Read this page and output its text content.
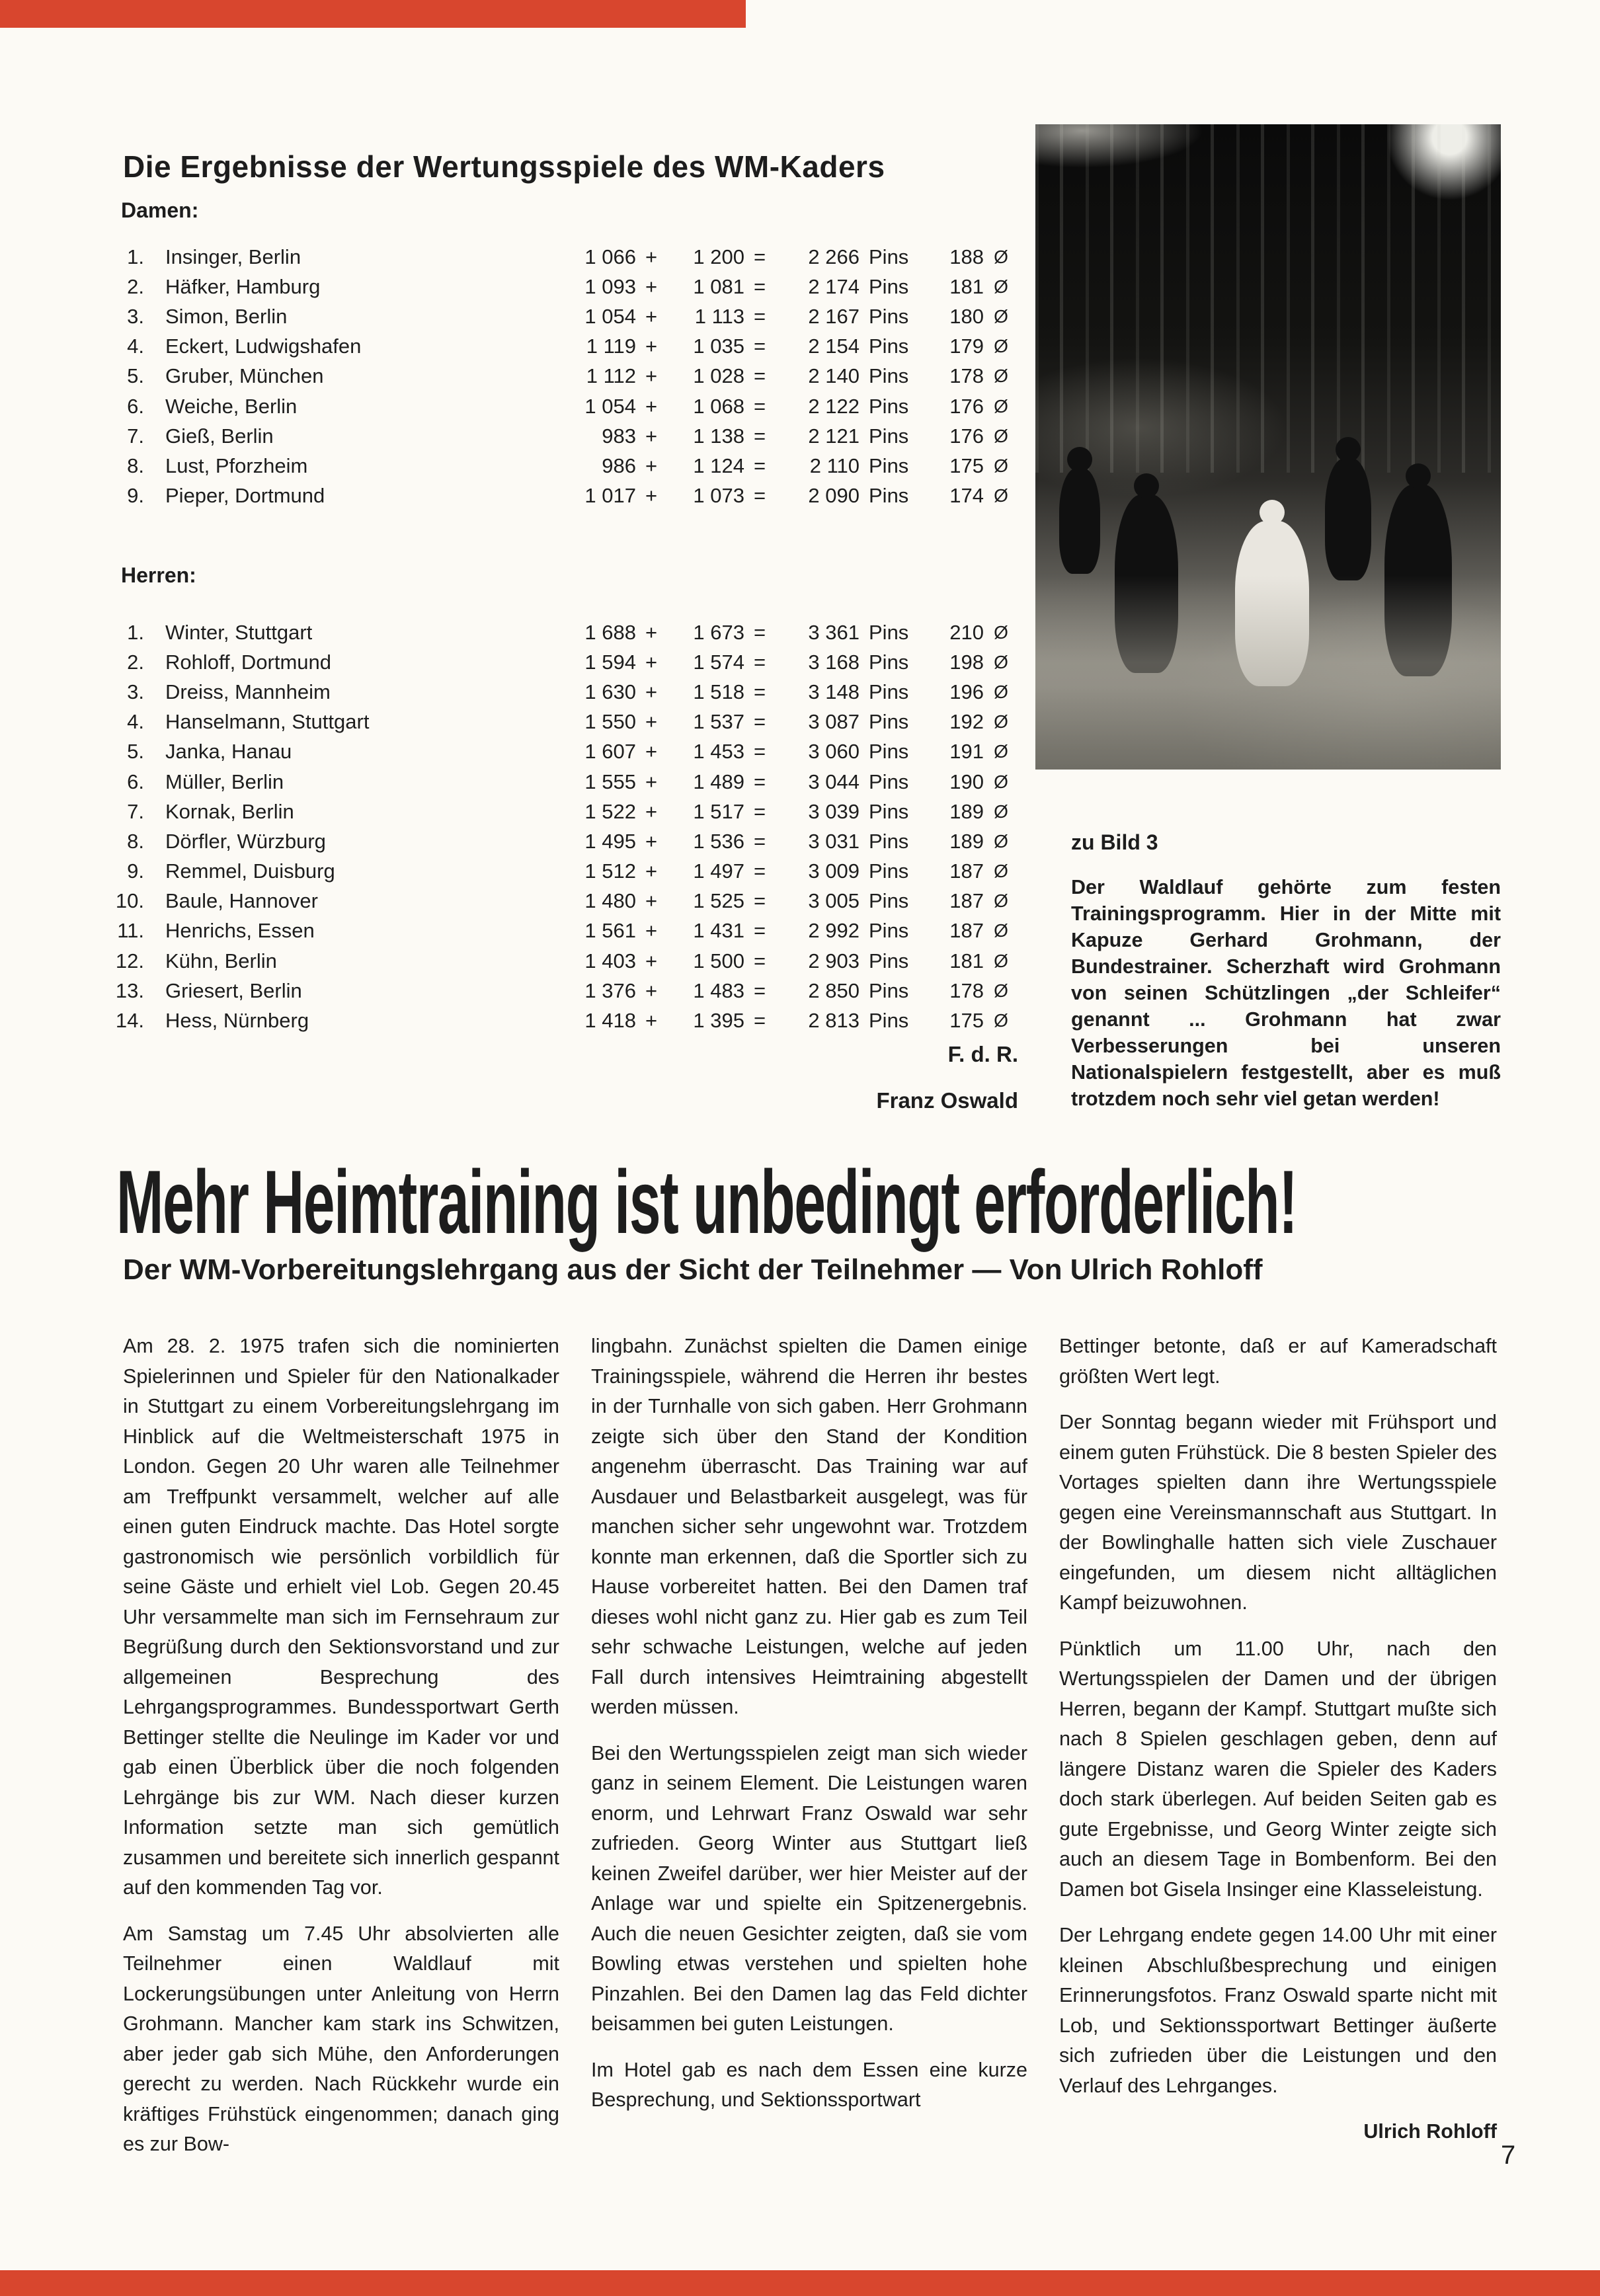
Die Ergebnisse der Wertungsspiele des WM-Kaders
Damen:
1.	Insinger, Berlin	1 066 +	1 200 =	2 266 Pins	188 Ø
2.	Häfker, Hamburg	1 093 +	1 081 =	2 174 Pins	181 Ø
3.	Simon, Berlin	1 054 +	1 113 =	2 167 Pins	180 Ø
4.	Eckert, Ludwigshafen	1 119 +	1 035 =	2 154 Pins	179 Ø
5.	Gruber, München	1 112 +	1 028 =	2 140 Pins	178 Ø
6.	Weiche, Berlin	1 054 +	1 068 =	2 122 Pins	176 Ø
7.	Gieß, Berlin	983 +	1 138 =	2 121 Pins	176 Ø
8.	Lust, Pforzheim	986 +	1 124 =	2 110 Pins	175 Ø
9.	Pieper, Dortmund	1 017 +	1 073 =	2 090 Pins	174 Ø
Herren:
1.	Winter, Stuttgart	1 688 +	1 673 =	3 361 Pins	210 Ø
2.	Rohloff, Dortmund	1 594 +	1 574 =	3 168 Pins	198 Ø
3.	Dreiss, Mannheim	1 630 +	1 518 =	3 148 Pins	196 Ø
4.	Hanselmann, Stuttgart	1 550 +	1 537 =	3 087 Pins	192 Ø
5.	Janka, Hanau	1 607 +	1 453 =	3 060 Pins	191 Ø
6.	Müller, Berlin	1 555 +	1 489 =	3 044 Pins	190 Ø
7.	Kornak, Berlin	1 522 +	1 517 =	3 039 Pins	189 Ø
8.	Dörfler, Würzburg	1 495 +	1 536 =	3 031 Pins	189 Ø
9.	Remmel, Duisburg	1 512 +	1 497 =	3 009 Pins	187 Ø
10.	Baule, Hannover	1 480 +	1 525 =	3 005 Pins	187 Ø
11.	Henrichs, Essen	1 561 +	1 431 =	2 992 Pins	187 Ø
12.	Kühn, Berlin	1 403 +	1 500 =	2 903 Pins	181 Ø
13.	Griesert, Berlin	1 376 +	1 483 =	2 850 Pins	178 Ø
14.	Hess, Nürnberg	1 418 +	1 395 =	2 813 Pins	175 Ø
F. d. R.
Franz Oswald
zu Bild 3
Der Waldlauf gehörte zum festen Trainingsprogramm. Hier in der Mitte mit Kapuze Gerhard Grohmann, der Bundestrainer. Scherzhaft wird Grohmann von seinen Schützlingen „der Schleifer“ genannt ... Grohmann hat zwar Verbesserungen bei unseren Nationalspielern festgestellt, aber es muß trotzdem noch sehr viel getan werden!
Mehr Heimtraining ist unbedingt erforderlich!
Der WM-Vorbereitungslehrgang aus der Sicht der Teilnehmer — Von Ulrich Rohloff

Am 28. 2. 1975 trafen sich die nominierten Spielerinnen und Spieler für den Nationalkader in Stuttgart zu einem Vorbereitungslehrgang im Hinblick auf die Weltmeisterschaft 1975 in London. Gegen 20 Uhr waren alle Teilnehmer am Treffpunkt versammelt, welcher auf alle einen guten Eindruck machte. Das Hotel sorgte gastronomisch wie persönlich vorbildlich für seine Gäste und erhielt viel Lob. Gegen 20.45 Uhr versammelte man sich im Fernsehraum zur Begrüßung durch den Sektionsvorstand und zur allgemeinen Besprechung des Lehrgangsprogrammes. Bundessportwart Gerth Bettinger stellte die Neulinge im Kader vor und gab einen Überblick über die noch folgenden Lehrgänge bis zur WM. Nach dieser kurzen Information setzte man sich gemütlich zusammen und bereitete sich innerlich gespannt auf den kommenden Tag vor.

Am Samstag um 7.45 Uhr absolvierten alle Teilnehmer einen Waldlauf mit Lockerungsübungen unter Anleitung von Herrn Grohmann. Mancher kam stark ins Schwitzen, aber jeder gab sich Mühe, den Anforderungen gerecht zu werden. Nach Rückkehr wurde ein kräftiges Frühstück eingenommen; danach ging es zur Bow-

lingbahn. Zunächst spielten die Damen einige Trainingsspiele, während die Herren ihr bestes in der Turnhalle von sich gaben. Herr Grohmann zeigte sich über den Stand der Kondition angenehm überrascht. Das Training war auf Ausdauer und Belastbarkeit ausgelegt, was für manchen sicher sehr ungewohnt war. Trotzdem konnte man erkennen, daß die Sportler sich zu Hause vorbereitet hatten. Bei den Damen traf dieses wohl nicht ganz zu. Hier gab es zum Teil sehr schwache Leistungen, welche auf jeden Fall durch intensives Heimtraining abgestellt werden müssen.

Bei den Wertungsspielen zeigt man sich wieder ganz in seinem Element. Die Leistungen waren enorm, und Lehrwart Franz Oswald war sehr zufrieden. Georg Winter aus Stuttgart ließ keinen Zweifel darüber, wer hier Meister auf der Anlage war und spielte ein Spitzenergebnis. Auch die neuen Gesichter zeigten, daß sie vom Bowling etwas verstehen und spielten hohe Pinzahlen. Bei den Damen lag das Feld dichter beisammen bei guten Leistungen.

Im Hotel gab es nach dem Essen eine kurze Besprechung, und Sektionssportwart

Bettinger betonte, daß er auf Kameradschaft größten Wert legt.

Der Sonntag begann wieder mit Frühsport und einem guten Frühstück. Die 8 besten Spieler des Vortages spielten dann ihre Wertungsspiele gegen eine Vereinsmannschaft aus Stuttgart. In der Bowlinghalle hatten sich viele Zuschauer eingefunden, um diesem nicht alltäglichen Kampf beizuwohnen.

Pünktlich um 11.00 Uhr, nach den Wertungsspielen der Damen und der übrigen Herren, begann der Kampf. Stuttgart mußte sich nach 8 Spielen geschlagen geben, denn auf längere Distanz waren die Spieler des Kaders doch stark überlegen. Auf beiden Seiten gab es gute Ergebnisse, und Georg Winter zeigte sich auch an diesem Tage in Bombenform. Bei den Damen bot Gisela Insinger eine Klasseleistung.

Der Lehrgang endete gegen 14.00 Uhr mit einer kleinen Abschlußbesprechung und einigen Erinnerungsfotos. Franz Oswald sparte nicht mit Lob, und Sektionssportwart Bettinger äußerte sich zufrieden über die Leistungen und den Verlauf des Lehrganges.

Ulrich Rohloff

7
